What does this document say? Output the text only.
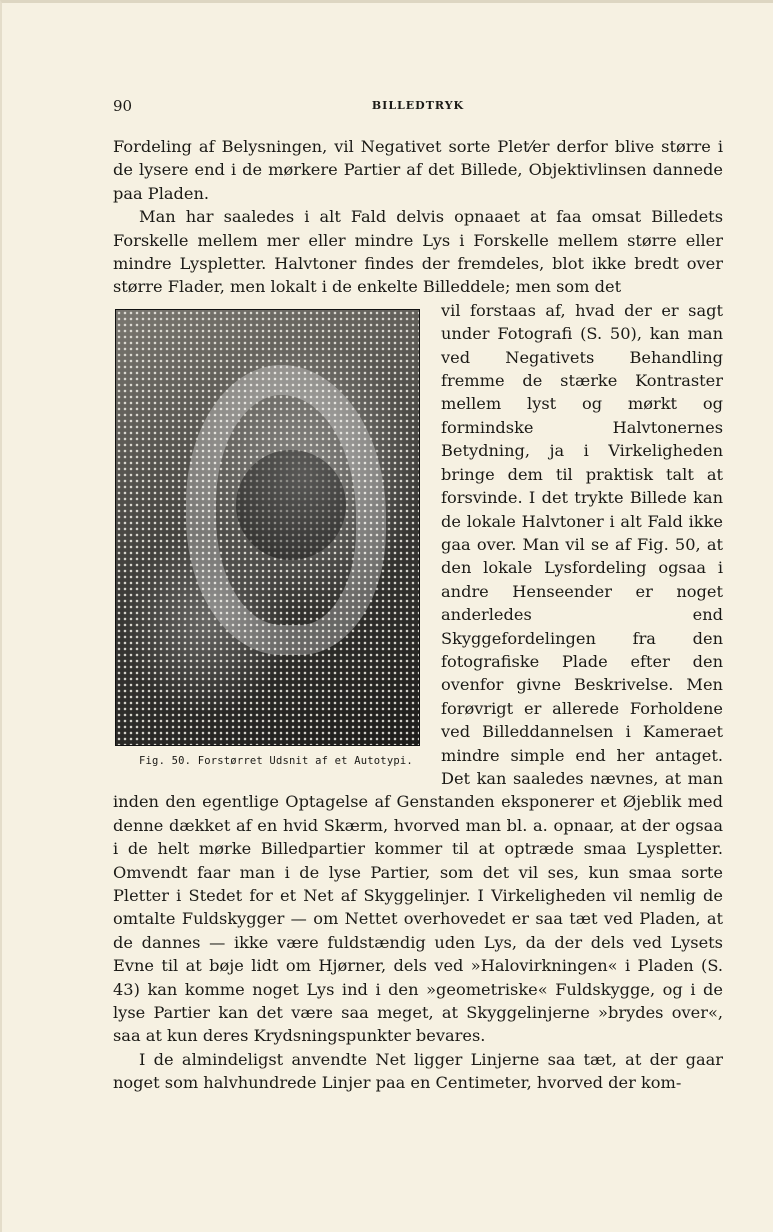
90	BILLEDTRYK

Fordeling af Belysningen, vil Negativet sorte Plet⁄er derfor blive større i de lysere end i de mørkere Partier af det Billede, Objektivlinsen dannede paa Pladen.

Man har saaledes i alt Fald delvis opnaaet at faa omsat Billedets Forskelle mellem mer eller mindre Lys i Forskelle mellem større eller mindre Lyspletter. Halvtoner findes der fremdeles, blot ikke bredt over større Flader, men lokalt i de enkelte Billeddele; men som det

Fig. 50. Forstørret Udsnit af et Autotypi.

vil forstaas af, hvad der er sagt under Fotografi (S. 50), kan man ved Negativets Behandling fremme de stærke Kontraster mellem lyst og mørkt og formindske Halvtonernes Betydning, ja i Virkeligheden bringe dem til praktisk talt at forsvinde. I det trykte Billede kan de lokale Halvtoner i alt Fald ikke gaa over. Man vil se af Fig. 50, at den lokale Lysfordeling ogsaa i andre Henseender er noget anderledes end Skyggefordelingen fra den fotografiske Plade efter den ovenfor givne Beskrivelse. Men forøvrigt er allerede Forholdene ved Billeddannelsen i Kameraet mindre simple end her antaget. Det kan saaledes nævnes, at man inden den egentlige Optagelse af Genstanden eksponerer et Øjeblik med denne dækket af en hvid Skærm, hvorved man bl. a. opnaar, at der ogsaa i de helt mørke Billedpartier kommer til at optræde smaa Lyspletter. Omvendt faar man i de lyse Partier, som det vil ses, kun smaa sorte Pletter i Stedet for et Net af Skyggelinjer. I Virkeligheden vil nemlig de omtalte Fuldskygger — om Nettet overhovedet er saa tæt ved Pladen, at de dannes — ikke være fuldstændig uden Lys, da der dels ved Lysets Evne til at bøje lidt om Hjørner, dels ved »Halovirkningen« i Pladen (S. 43) kan komme noget Lys ind i den »geometriske« Fuldskygge, og i de lyse Partier kan det være saa meget, at Skyggelinjerne »brydes over«, saa at kun deres Krydsningspunkter bevares.

I de almindeligst anvendte Net ligger Linjerne saa tæt, at der gaar noget som halvhundrede Linjer paa en Centimeter, hvorved der kom-
